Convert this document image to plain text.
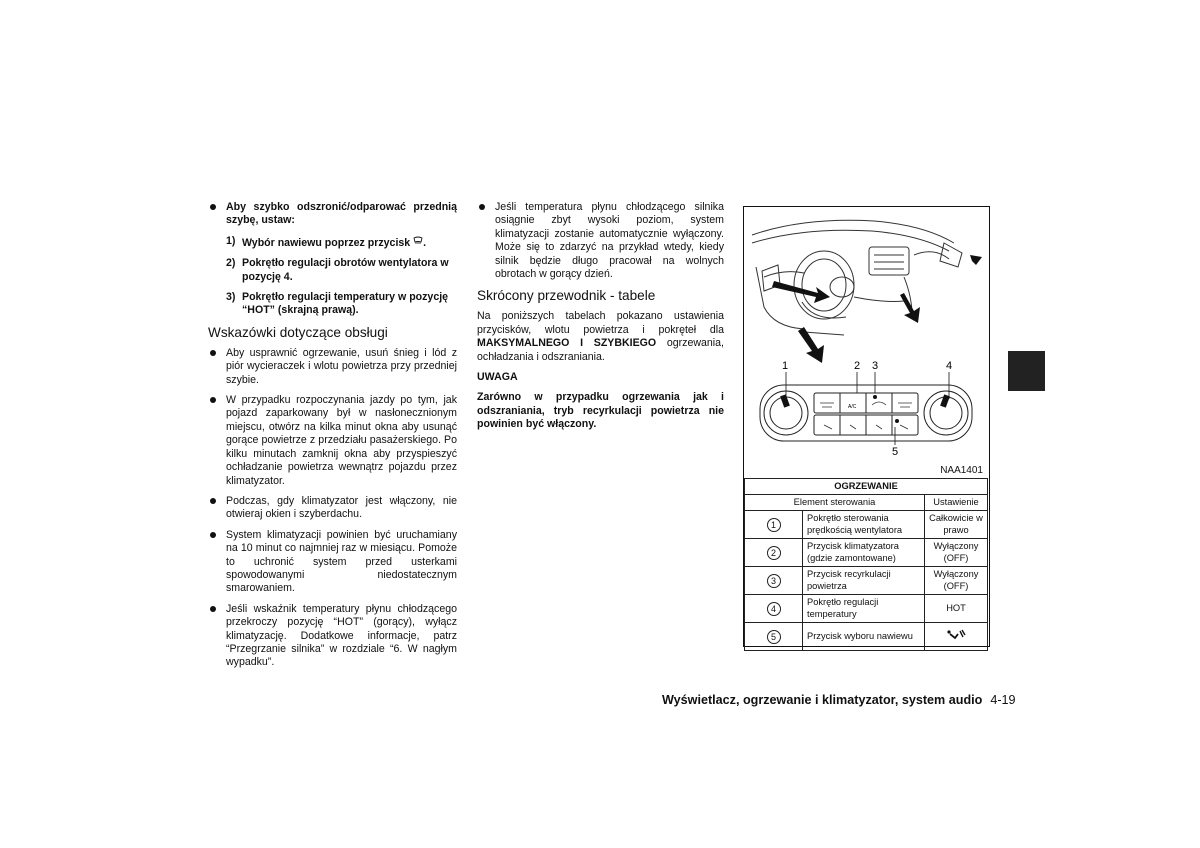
Aby szybko odszronić/odparować przednią szybę, ustaw:
1) Wybór nawiewu poprzez przycisk .
2) Pokrętło regulacji obrotów wentylatora w pozycję 4.
3) Pokrętło regulacji temperatury w pozycję “HOT” (skrajną prawą).
Wskazówki dotyczące obsługi
Aby usprawnić ogrzewanie, usuń śnieg i lód z piór wycieraczek i wlotu powietrza przy przedniej szybie.
W przypadku rozpoczynania jazdy po tym, jak pojazd zaparkowany był w nasłonecznionym miejscu, otwórz na kilka minut okna aby usunąć gorące powietrze z przedziału pasażerskiego. Po kilku minutach zamknij okna aby przyspieszyć ochładzanie powietrza wewnątrz pojazdu przez klimatyzator.
Podczas, gdy klimatyzator jest włączony, nie otwieraj okien i szyberdachu.
System klimatyzacji powinien być uruchamiany na 10 minut co najmniej raz w miesiącu. Pomoże to uchronić system przed usterkami spowodowanymi niedostatecznym smarowaniem.
Jeśli wskaźnik temperatury płynu chłodzącego przekroczy pozycję “HOT” (gorący), wyłącz klimatyzację. Dodatkowe informacje, patrz “Przegrzanie silnika” w rozdziale “6. W nagłym wypadku”.
Jeśli temperatura płynu chłodzącego silnika osiągnie zbyt wysoki poziom, system klimatyzacji zostanie automatycznie wyłączony. Może się to zdarzyć na przykład wtedy, kiedy silnik będzie długo pracował na wolnych obrotach w gorący dzień.
Skrócony przewodnik - tabele
Na poniższych tabelach pokazano ustawienia przycisków, wlotu powietrza i pokręteł dla MAKSYMALNEGO I SZYBKIEGO ogrzewania, ochładzania i odszraniania.
UWAGA
Zarówno w przypadku ogrzewania jak i odszraniania, tryb recyrkulacji powietrza nie powinien być włączony.
1	2 3	4
5
A/C
NAA1401
OGRZEWANIE		
Element sterowania		Ustawienie
1	Pokrętło sterowania prędkością wentylatora	Całkowicie w prawo
2	Przycisk klimatyzatora (gdzie zamontowane)	Wyłączony (OFF)
3	Przycisk recyrkulacji powietrza	Wyłączony (OFF)
4	Pokrętło regulacji temperatury	HOT
5	Przycisk wyboru nawiewu	
Wyświetlacz, ogrzewanie i klimatyzator, system audio 4-19
